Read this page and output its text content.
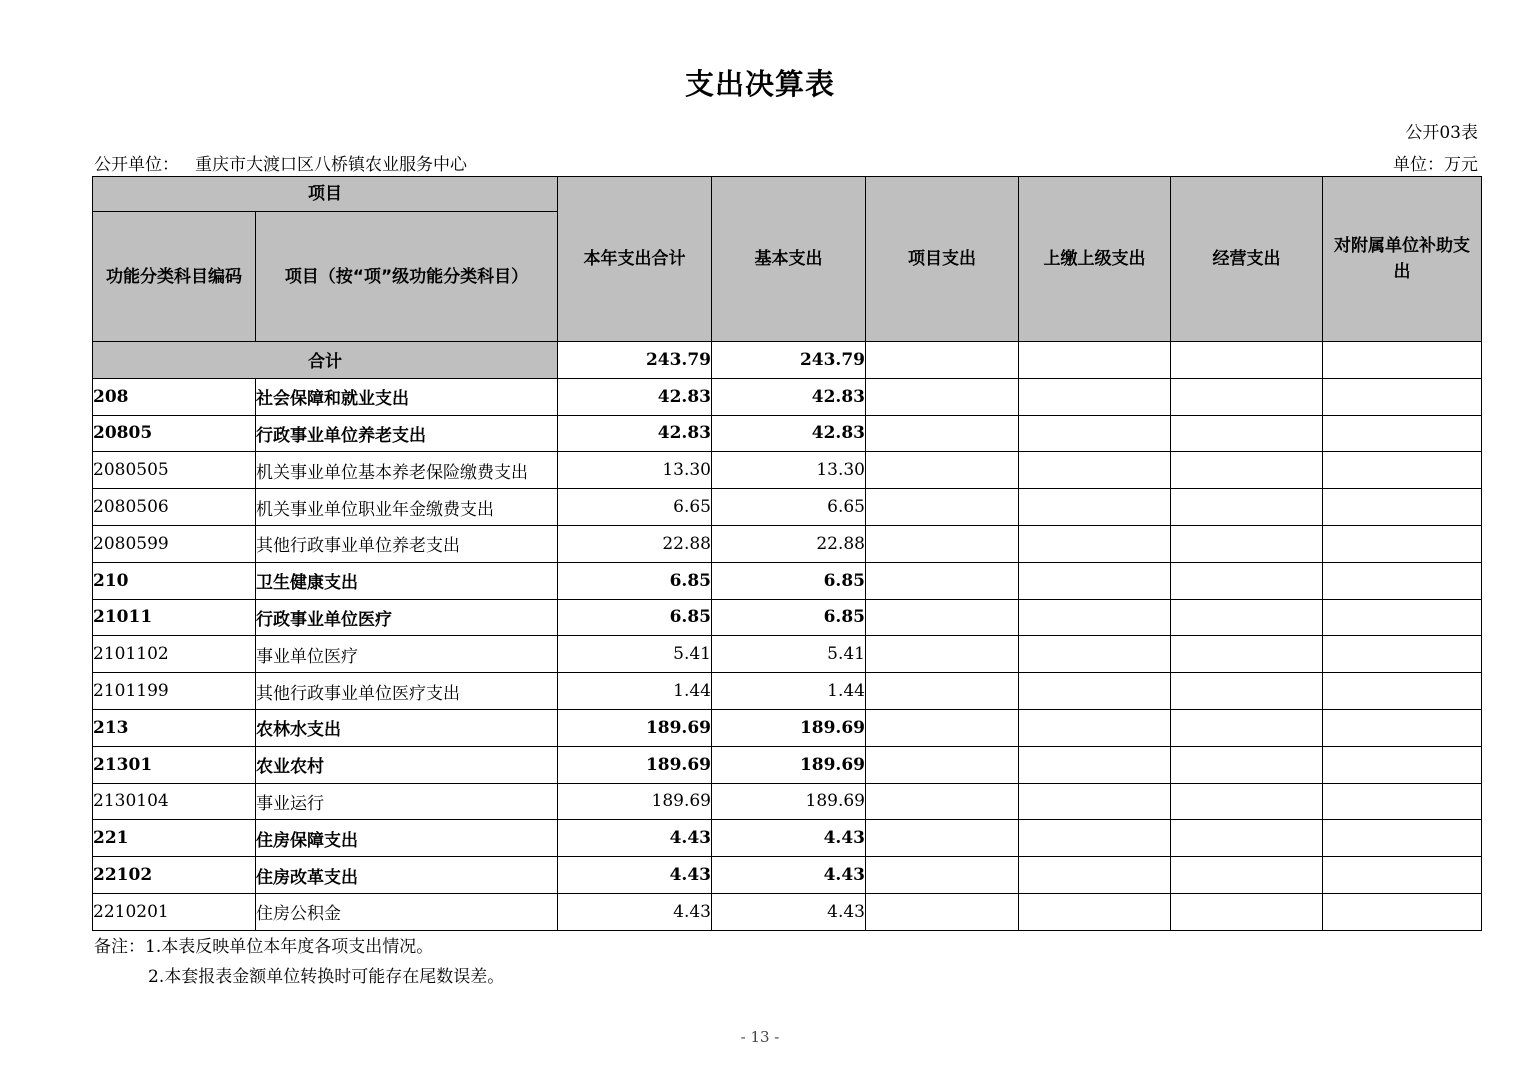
支出决算表
公开03表
公开单位： 重庆市大渡口区八桥镇农业服务中心	单位：万元
项目		本年支出合计	基本支出	项目支出	上缴上级支出	经营支出	对附属单位补助支出
功能分类科目编码	项目（按“项”级功能分类科目）						
合计		243.79	243.79				
208	社会保障和就业支出	42.83	42.83				
20805	行政事业单位养老支出	42.83	42.83				
2080505	机关事业单位基本养老保险缴费支出	13.30	13.30				
2080506	机关事业单位职业年金缴费支出	6.65	6.65				
2080599	其他行政事业单位养老支出	22.88	22.88				
210	卫生健康支出	6.85	6.85				
21011	行政事业单位医疗	6.85	6.85				
2101102	事业单位医疗	5.41	5.41				
2101199	其他行政事业单位医疗支出	1.44	1.44				
213	农林水支出	189.69	189.69				
21301	农业农村	189.69	189.69				
2130104	事业运行	189.69	189.69				
221	住房保障支出	4.43	4.43				
22102	住房改革支出	4.43	4.43				
2210201	住房公积金	4.43	4.43				
备注：1.本表反映单位本年度各项支出情况。
2.本套报表金额单位转换时可能存在尾数误差。
- 13 -
